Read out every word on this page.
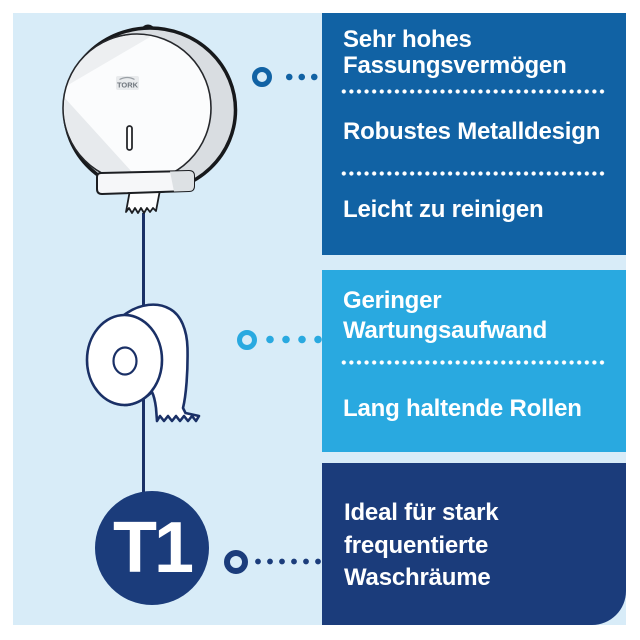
TORK
Sehr hohes
Fassungsvermögen
Robustes Metalldesign
Leicht zu reinigen
Geringer
Wartungsaufwand
Lang haltende Rollen
Ideal für stark
frequentierte
Waschräume
T1
